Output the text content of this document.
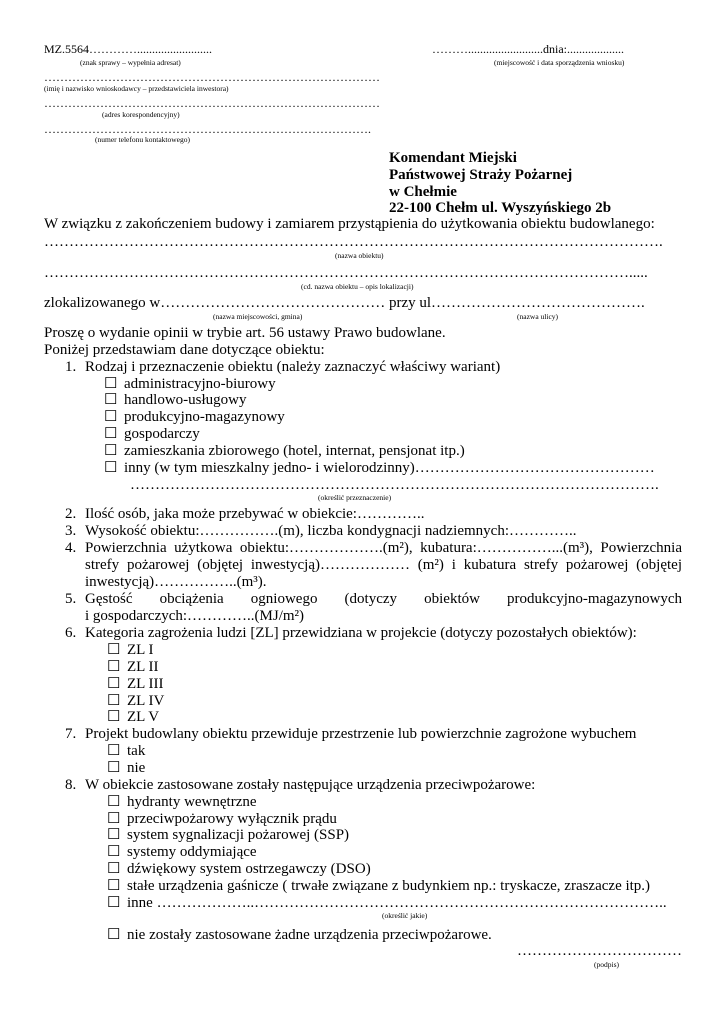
MZ.5564………….........................
(znak sprawy – wypełnia adresat)
……….........................dnia:...................
(miejscowość i data sporządzenia wniosku)
…………………………………………………………………………
(imię i nazwisko wnioskodawcy – przedstawiciela inwestora)
…………………………………………………………………………
(adres korespondencyjny)
……………………………………………………………………….
(numer telefonu kontaktowego)
Komendant Miejski
Państwowej Straży Pożarnej
w Chełmie
22-100 Chełm ul. Wyszyńskiego 2b
W związku z zakończeniem budowy i zamiarem przystąpienia do użytkowania obiektu budowlanego:
…………………………………………………………………………………………………………….
(nazwa obiektu)
……………………………………………………………………………………………………….....
(cd. nazwa obiektu – opis lokalizacji)
zlokalizowanego w……………………………………… przy ul…………………………………….
(nazwa miejscowości, gmina)	(nazwa ulicy)
Proszę o wydanie opinii w trybie art. 56 ustawy Prawo budowlane.
Poniżej przedstawiam dane dotyczące obiektu:
1. Rodzaj i przeznaczenie obiektu (należy zaznaczyć właściwy wariant)
☐ administracyjno-biurowy
☐ handlowo-usługowy
☐ produkcyjno-magazynowy
☐ gospodarczy
☐ zamieszkania zbiorowego (hotel, internat, pensjonat itp.)
☐ inny (w tym mieszkalny jedno- i wielorodzinny)…………………………………………
…………………………………………………………………………………………….
(określić przeznaczenie)
2. Ilość osób, jaka może przebywać w obiekcie:…………..
3. Wysokość obiektu:…………….(m), liczba kondygnacji nadziemnych:…………..
4. Powierzchnia użytkowa obiektu:……………….(m²), kubatura:……………...(m³), Powierzchnia
strefy pożarowej (objętej inwestycją)……………… (m²) i kubatura strefy pożarowej (objętej
inwestycją)……………..(m³).
5. Gęstość obciążenia ogniowego (dotyczy obiektów produkcyjno-magazynowych
i gospodarczych:…………..(MJ/m²)
6. Kategoria zagrożenia ludzi [ZL] przewidziana w projekcie (dotyczy pozostałych obiektów):
☐ ZL I
☐ ZL II
☐ ZL III
☐ ZL IV
☐ ZL V
7. Projekt budowlany obiektu przewiduje przestrzenie lub powierzchnie zagrożone wybuchem
☐ tak
☐ nie
8. W obiekcie zastosowane zostały następujące urządzenia przeciwpożarowe:
☐ hydranty wewnętrzne
☐ przeciwpożarowy wyłącznik prądu
☐ system sygnalizacji pożarowej (SSP)
☐ systemy oddymiające
☐ dźwiękowy system ostrzegawczy (DSO)
☐ stałe urządzenia gaśnicze ( trwałe związane z budynkiem np.: tryskacze, zraszacze itp.)
☐ inne ………………..………………………………………………………………………..
(określić jakie)
☐ nie zostały zastosowane żadne urządzenia przeciwpożarowe.
……………………………
(podpis)
